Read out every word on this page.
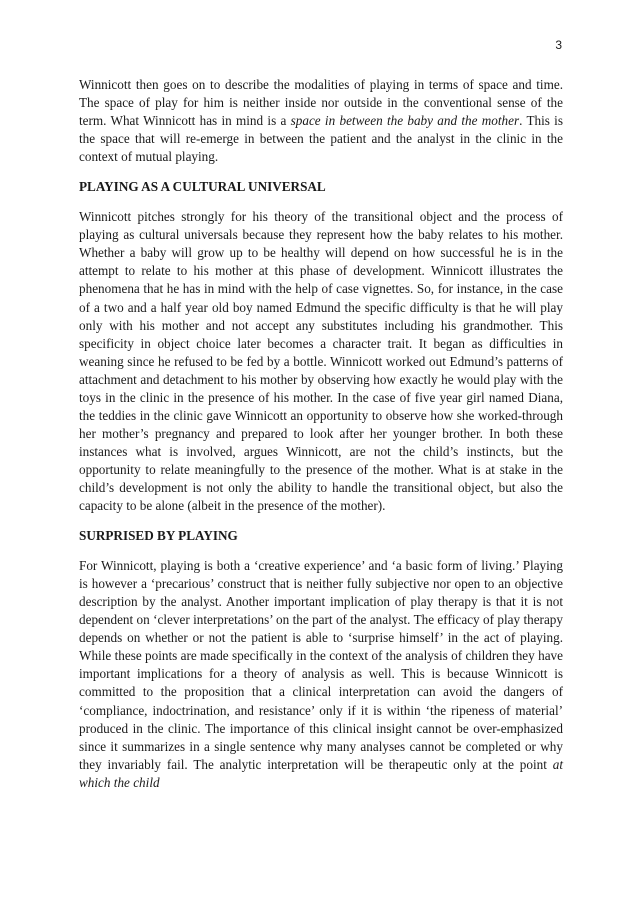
3

Winnicott then goes on to describe the modalities of playing in terms of space and time. The space of play for him is neither inside nor outside in the conventional sense of the term. What Winnicott has in mind is a space in between the baby and the mother. This is the space that will re-emerge in between the patient and the analyst in the clinic in the context of mutual playing.

PLAYING AS A CULTURAL UNIVERSAL

Winnicott pitches strongly for his theory of the transitional object and the process of playing as cultural universals because they represent how the baby relates to his mother. Whether a baby will grow up to be healthy will depend on how successful he is in the attempt to relate to his mother at this phase of development. Winnicott illustrates the phenomena that he has in mind with the help of case vignettes. So, for instance, in the case of a two and a half year old boy named Edmund the specific difficulty is that he will play only with his mother and not accept any substitutes including his grandmother. This specificity in object choice later becomes a character trait. It began as difficulties in weaning since he refused to be fed by a bottle. Winnicott worked out Edmund’s patterns of attachment and detachment to his mother by observing how exactly he would play with the toys in the clinic in the presence of his mother. In the case of five year girl named Diana, the teddies in the clinic gave Winnicott an opportunity to observe how she worked-through her mother’s pregnancy and prepared to look after her younger brother. In both these instances what is involved, argues Winnicott, are not the child’s instincts, but the opportunity to relate meaningfully to the presence of the mother. What is at stake in the child’s development is not only the ability to handle the transitional object, but also the capacity to be alone (albeit in the presence of the mother).

SURPRISED BY PLAYING

For Winnicott, playing is both a ‘creative experience’ and ‘a basic form of living.’ Playing is however a ‘precarious’ construct that is neither fully subjective nor open to an objective description by the analyst. Another important implication of play therapy is that it is not dependent on ‘clever interpretations’ on the part of the analyst. The efficacy of play therapy depends on whether or not the patient is able to ‘surprise himself’ in the act of playing. While these points are made specifically in the context of the analysis of children they have important implications for a theory of analysis as well. This is because Winnicott is committed to the proposition that a clinical interpretation can avoid the dangers of ‘compliance, indoctrination, and resistance’ only if it is within ‘the ripeness of material’ produced in the clinic. The importance of this clinical insight cannot be over-emphasized since it summarizes in a single sentence why many analyses cannot be completed or why they invariably fail. The analytic interpretation will be therapeutic only at the point at which the child
